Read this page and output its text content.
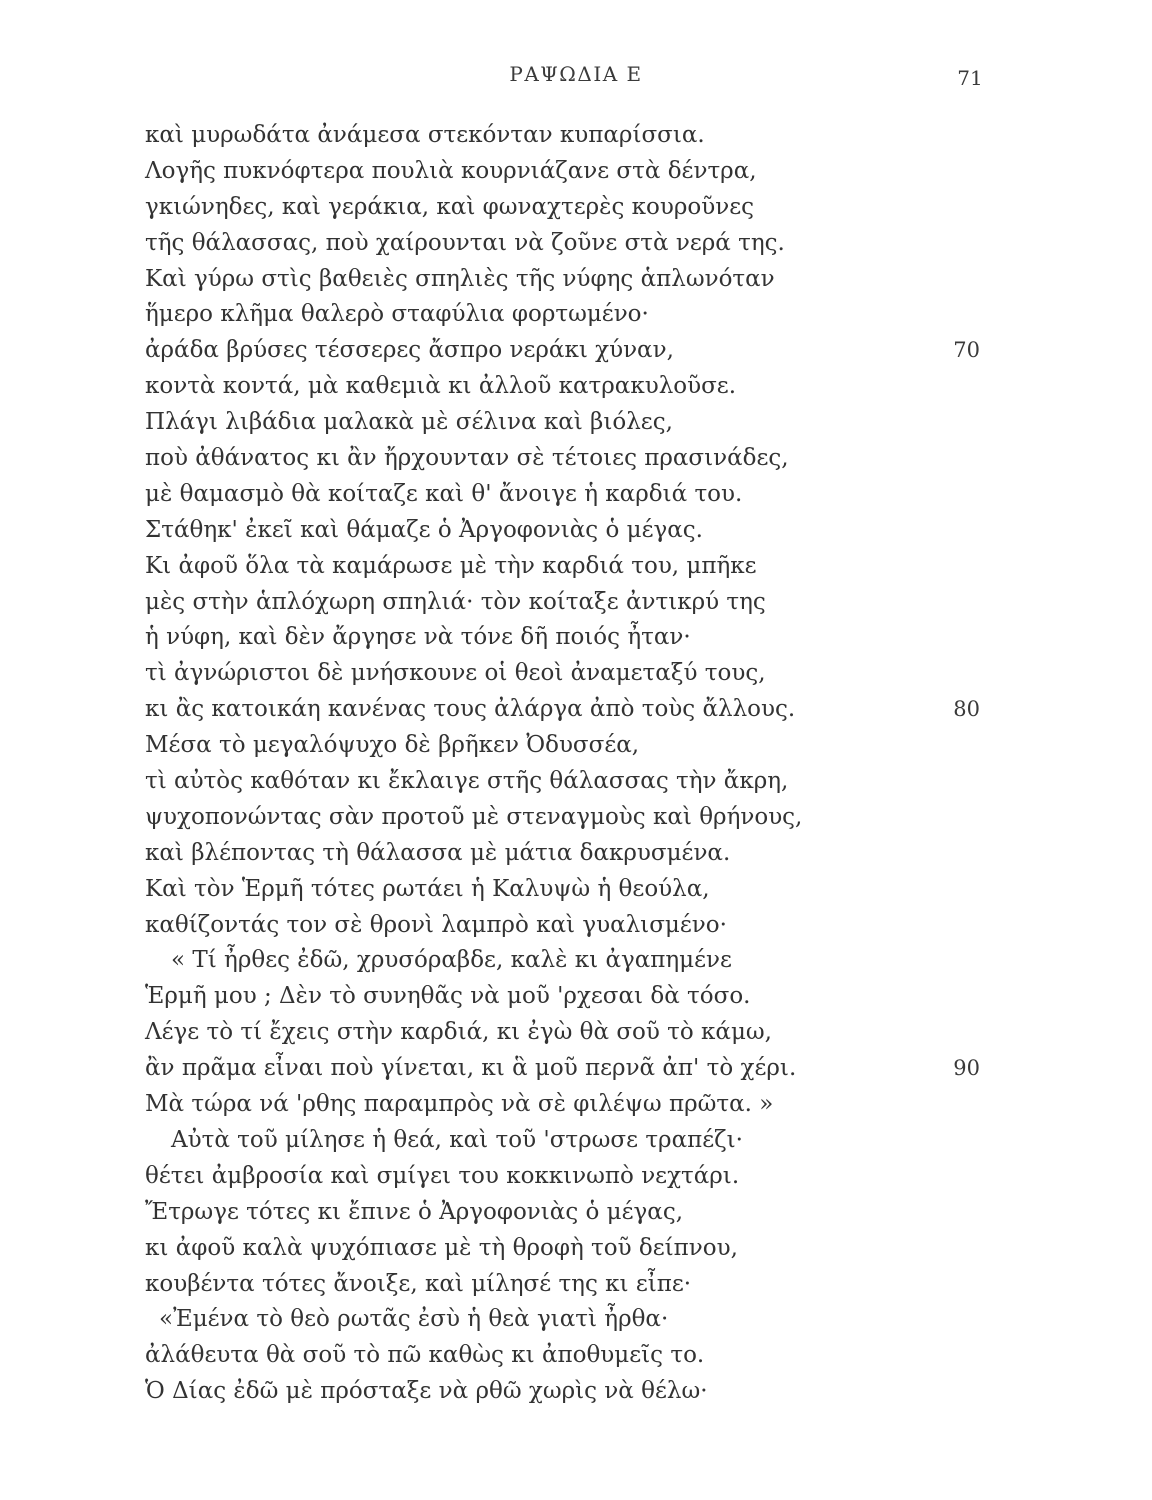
ΡΑΨΩΔΙΑ Ε	71
καὶ μυρωδάτα ἀνάμεσα στεκόνταν κυπαρίσσια.
Λογῆς πυκνόφτερα πουλιὰ κουρνιάζανε στὰ δέντρα,
γκιώνηδες, καὶ γεράκια, καὶ φωναχτερὲς κουροῦνες
τῆς θάλασσας, ποὺ χαίρουνται νὰ ζοῦνε στὰ νερά της.
Καὶ γύρω στὶς βαθειὲς σπηλιὲς τῆς νύφης ἁπλωνόταν
ἥμερο κλῆμα θαλερὸ σταφύλια φορτωμένο·
ἀράδα βρύσες τέσσερες ἄσπρο νεράκι χύναν,	70
κοντὰ κοντά, μὰ καθεμιὰ κι ἀλλοῦ κατρακυλοῦσε.
Πλάγι λιβάδια μαλακὰ μὲ σέλινα καὶ βιόλες,
ποὺ ἀθάνατος κι ἂν ἤρχουνταν σὲ τέτοιες πρασινάδες,
μὲ θαμασμὸ θὰ κοίταζε καὶ θ' ἄνοιγε ἡ καρδιά του.
Στάθηκ' ἐκεῖ καὶ θάμαζε ὁ Ἀργοφονιὰς ὁ μέγας.
Κι ἀφοῦ ὅλα τὰ καμάρωσε μὲ τὴν καρδιά του, μπῆκε
μὲς στὴν ἁπλόχωρη σπηλιά· τὸν κοίταξε ἀντικρύ της
ἡ νύφη, καὶ δὲν ἄργησε νὰ τόνε δῆ ποιός ἦταν·
τὶ ἀγνώριστοι δὲ μνήσκουνε οἱ θεοὶ ἀναμεταξύ τους,
κι ἂς κατοικάη κανένας τους ἀλάργα ἀπὸ τοὺς ἄλλους.	80
Μέσα τὸ μεγαλόψυχο δὲ βρῆκεν Ὀδυσσέα,
τὶ αὐτὸς καθόταν κι ἔκλαιγε στῆς θάλασσας τὴν ἄκρη,
ψυχοπονώντας σὰν προτοῦ μὲ στεναγμοὺς καὶ θρήνους,
καὶ βλέποντας τὴ θάλασσα μὲ μάτια δακρυσμένα.
Καὶ τὸν Ἑρμῆ τότες ρωτάει ἡ Καλυψὼ ἡ θεούλα,
καθίζοντάς τον σὲ θρονὶ λαμπρὸ καὶ γυαλισμένο·
« Τί ἦρθες ἐδῶ, χρυσόραβδε, καλὲ κι ἀγαπημένε
Ἑρμῆ μου ; Δὲν τὸ συνηθᾶς νὰ μοῦ 'ρχεσαι δὰ τόσο.
Λέγε τὸ τί ἔχεις στὴν καρδιά, κι ἐγὼ θὰ σοῦ τὸ κάμω,
ἂν πρᾶμα εἶναι ποὺ γίνεται, κι ἃ μοῦ περνᾶ ἀπ' τὸ χέρι.	90
Μὰ τώρα νά 'ρθης παραμπρὸς νὰ σὲ φιλέψω πρῶτα. »
Αὐτὰ τοῦ μίλησε ἡ θεά, καὶ τοῦ 'στρωσε τραπέζι·
θέτει ἀμβροσία καὶ σμίγει του κοκκινωπὸ νεχτάρι.
Ἔτρωγε τότες κι ἔπινε ὁ Ἀργοφονιὰς ὁ μέγας,
κι ἀφοῦ καλὰ ψυχόπιασε μὲ τὴ θροφὴ τοῦ δείπνου,
κουβέντα τότες ἄνοιξε, καὶ μίλησέ της κι εἶπε·
«Ἐμένα τὸ θεὸ ρωτᾶς ἐσὺ ἡ θεὰ γιατὶ ἦρθα·
ἀλάθευτα θὰ σοῦ τὸ πῶ καθὼς κι ἀποθυμεῖς το.
Ὁ Δίας ἐδῶ μὲ πρόσταξε νὰ ρθῶ χωρὶς νὰ θέλω·
